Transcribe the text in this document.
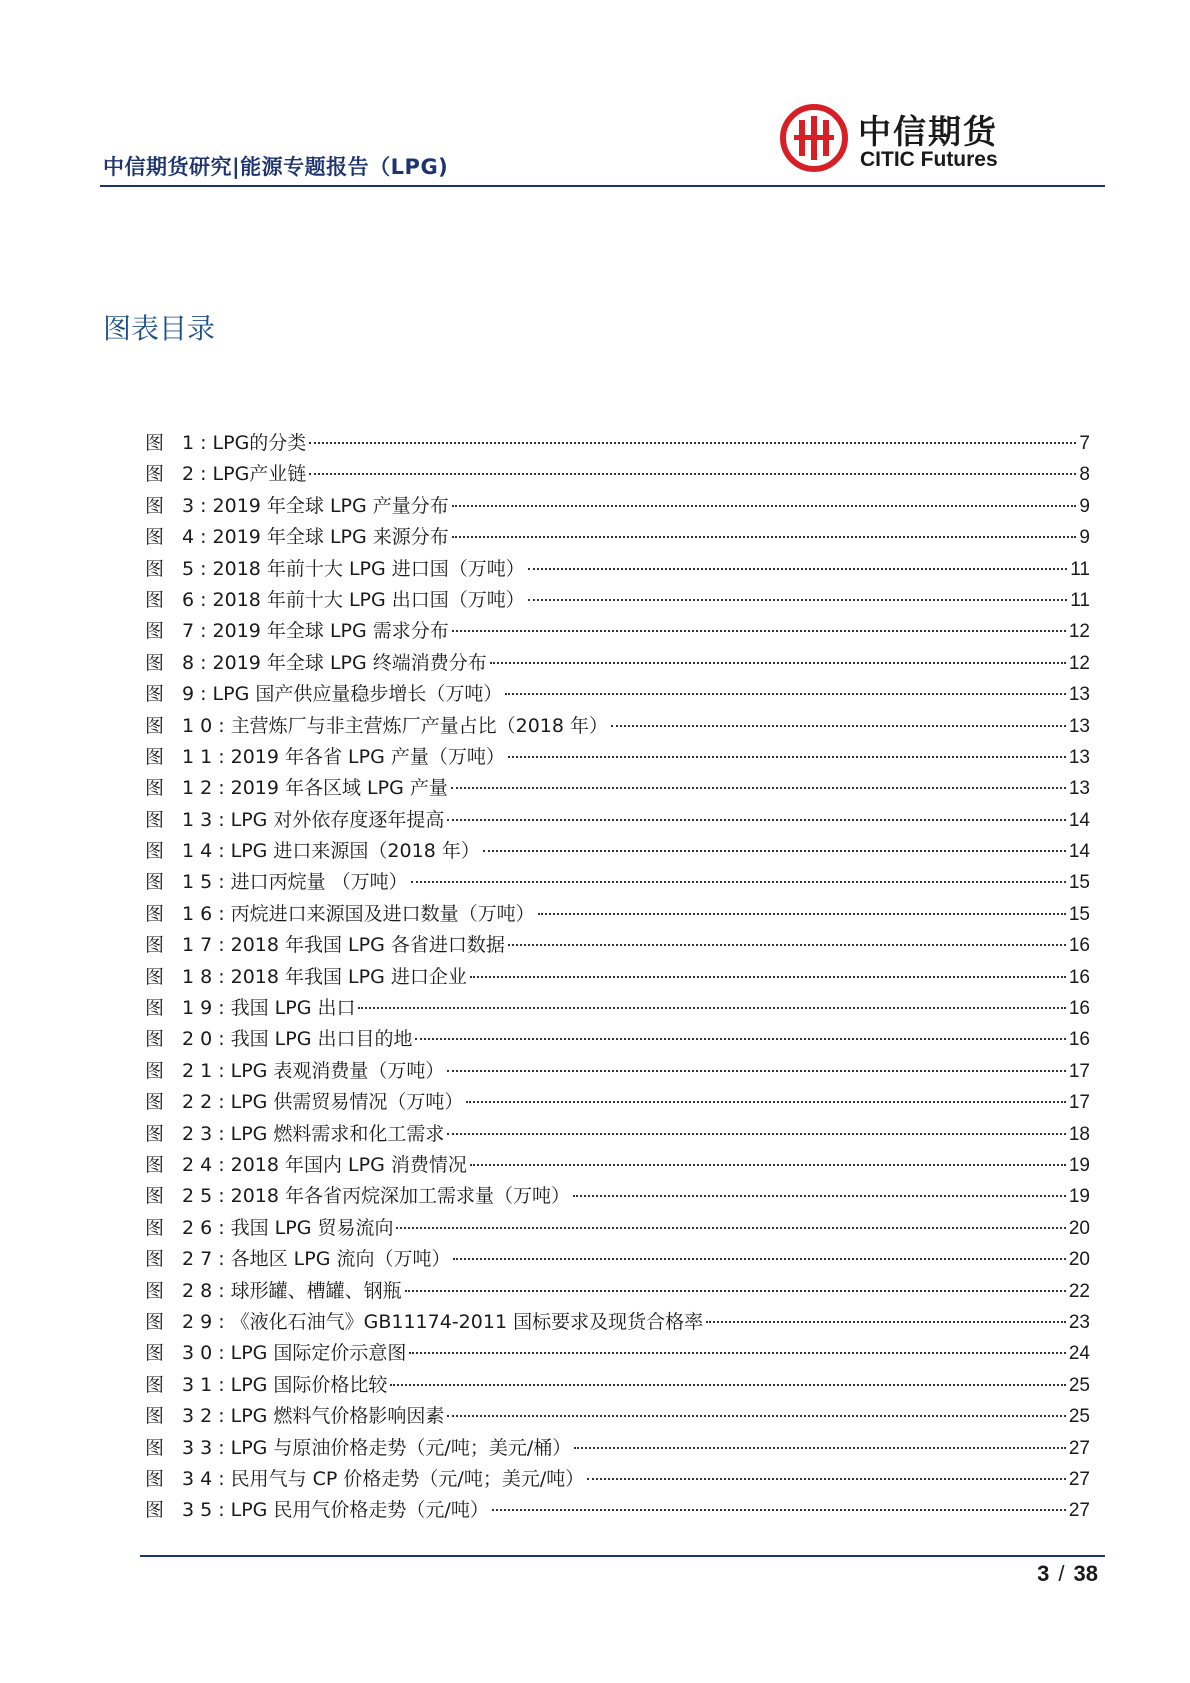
中信期货研究|能源专题报告（LPG)
中信期货
CITIC Futures
图表目录
图 1:LPG的分类	7
图 2:LPG产业链	8
图 3:2019 年全球 LPG 产量分布	9
图 4:2019 年全球 LPG 来源分布	9
图 5:2018 年前十大 LPG 进口国（万吨）	11
图 6:2018 年前十大 LPG 出口国（万吨）	11
图 7:2019 年全球 LPG 需求分布	12
图 8:2019 年全球 LPG 终端消费分布	12
图 9:LPG 国产供应量稳步增长（万吨）	13
图 10:主营炼厂与非主营炼厂产量占比（2018 年）	13
图 11:2019 年各省 LPG 产量（万吨）	13
图 12:2019 年各区域 LPG 产量	13
图 13:LPG 对外依存度逐年提高	14
图 14:LPG 进口来源国（2018 年）	14
图 15:进口丙烷量 （万吨）	15
图 16:丙烷进口来源国及进口数量（万吨）	15
图 17:2018 年我国 LPG 各省进口数据	16
图 18:2018 年我国 LPG 进口企业	16
图 19:我国 LPG 出口	16
图 20:我国 LPG 出口目的地	16
图 21:LPG 表观消费量（万吨）	17
图 22:LPG 供需贸易情况（万吨）	17
图 23:LPG 燃料需求和化工需求	18
图 24:2018 年国内 LPG 消费情况	19
图 25:2018 年各省丙烷深加工需求量（万吨）	19
图 26:我国 LPG 贸易流向	20
图 27:各地区 LPG 流向（万吨）	20
图 28:球形罐、槽罐、钢瓶	22
图 29:《液化石油气》GB11174-2011 国标要求及现货合格率	23
图 30:LPG 国际定价示意图	24
图 31:LPG 国际价格比较	25
图 32:LPG 燃料气价格影响因素	25
图 33:LPG 与原油价格走势（元/吨；美元/桶）	27
图 34:民用气与 CP 价格走势（元/吨；美元/吨）	27
图 35:LPG 民用气价格走势（元/吨）	27
3 / 38
